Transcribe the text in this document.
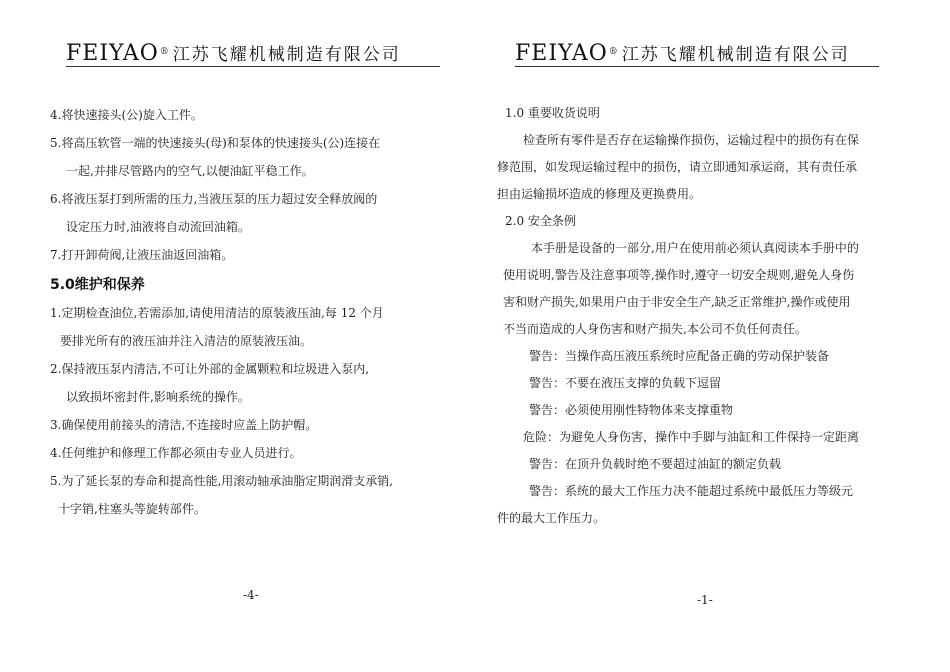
FEIYAO® 江苏飞耀机械制造有限公司
4.将快速接头(公)旋入工件。
5.将高压软管一端的快速接头(母)和泵体的快速接头(公)连接在
一起,并排尽管路内的空气,以便油缸平稳工作。
6.将液压泵打到所需的压力,当液压泵的压力超过安全释放阀的
设定压力时,油液将自动流回油箱。
7.打开卸荷阀,让液压油返回油箱。
5.0维护和保养
1.定期检查油位,若需添加,请使用清洁的原装液压油,每 12 个月
要排光所有的液压油并注入清洁的原装液压油。
2.保持液压泵内清洁,不可让外部的金属颗粒和垃圾进入泵内,
以致损坏密封件,影响系统的操作。
3.确保使用前接头的清洁,不连接时应盖上防护帽。
4.任何维护和修理工作都必须由专业人员进行。
5.为了延长泵的寿命和提高性能,用滚动轴承油脂定期润滑支承销,
十字销,柱塞头等旋转部件。
-4-
FEIYAO® 江苏飞耀机械制造有限公司
1.0 重要收货说明
检查所有零件是否存在运输操作损伤，运输过程中的损伤有在保
修范围，如发现运输过程中的损伤，请立即通知承运商，其有责任承
担由运输损坏造成的修理及更换费用。
2.0 安全条例
本手册是设备的一部分,用户在使用前必须认真阅读本手册中的
使用说明,警告及注意事项等,操作时,遵守一切安全规则,避免人身伤
害和财产损失,如果用户由于非安全生产,缺乏正常维护,操作或使用
不当而造成的人身伤害和财产损失,本公司不负任何责任。
警告：当操作高压液压系统时应配备正确的劳动保护装备
警告：不要在液压支撑的负载下逗留
警告：必须使用刚性特物体来支撑重物
危险：为避免人身伤害，操作中手脚与油缸和工件保持一定距离
警告：在顶升负载时绝不要超过油缸的额定负载
警告：系统的最大工作压力决不能超过系统中最低压力等级元
件的最大工作压力。
-1-
